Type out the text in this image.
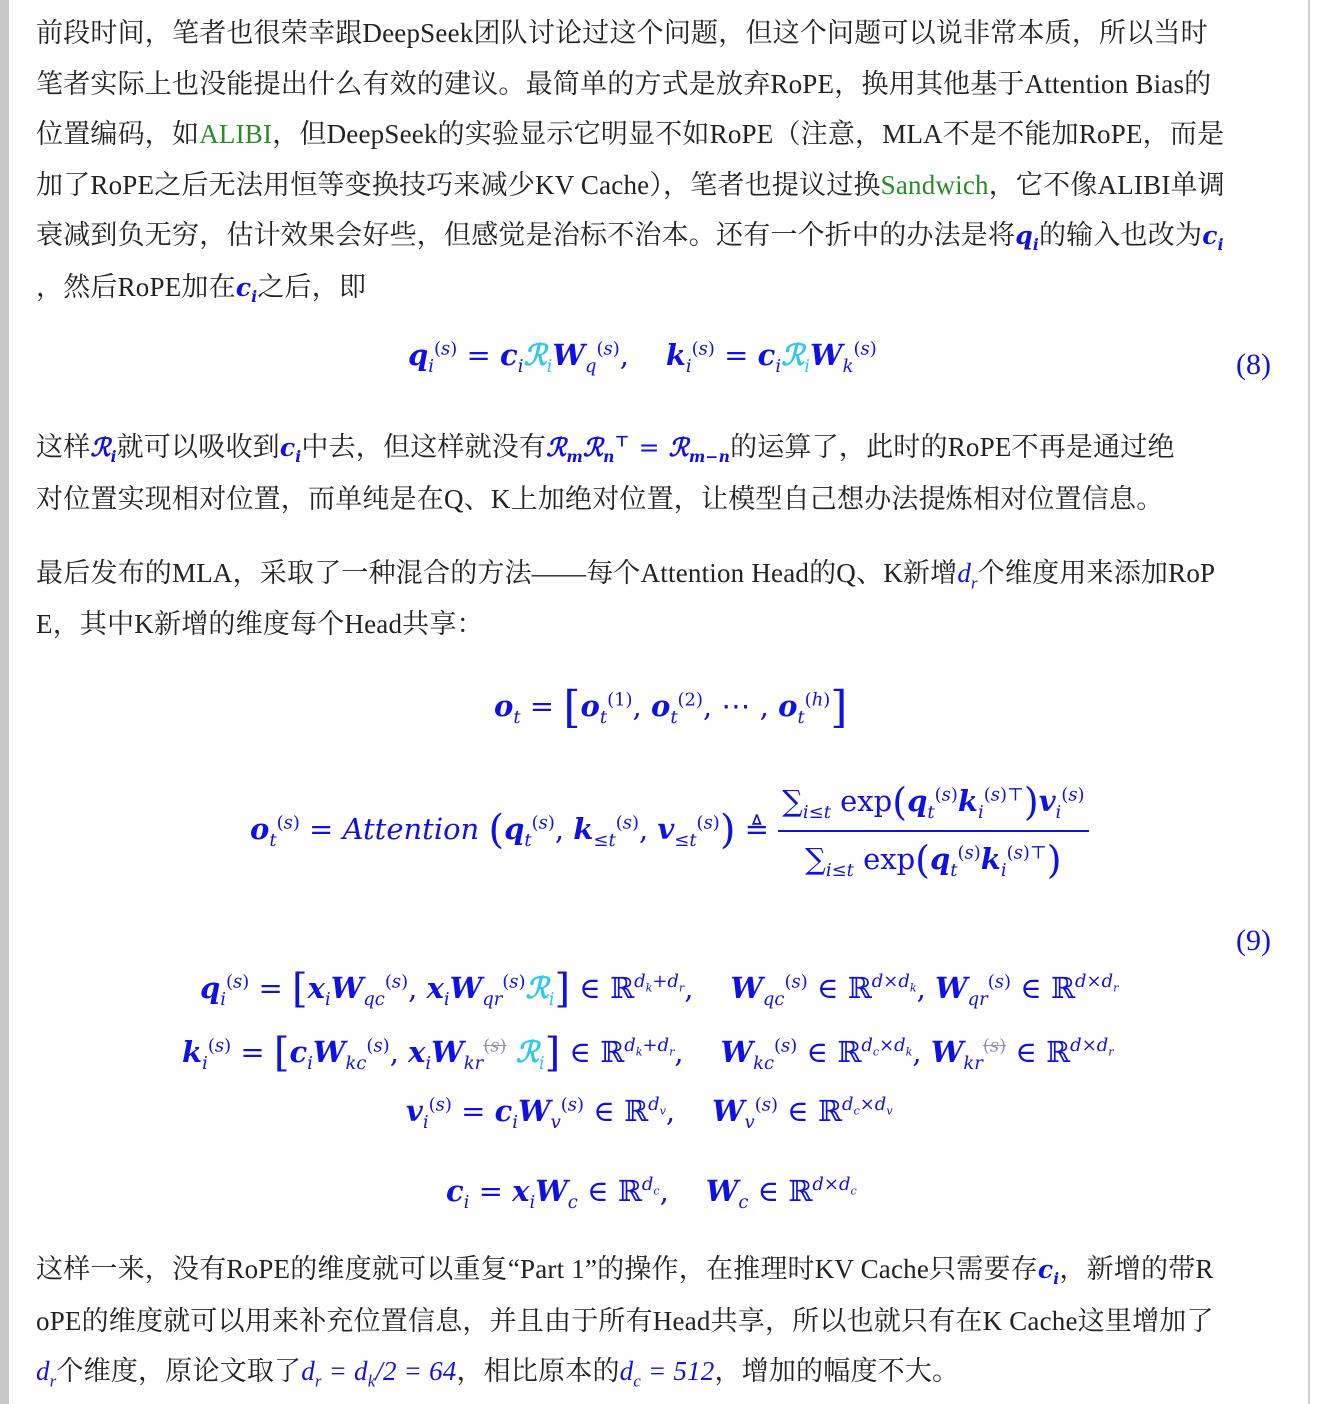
前段时间，笔者也很荣幸跟DeepSeek团队讨论过这个问题，但这个问题可以说非常本质，所以当时
笔者实际上也没能提出什么有效的建议。最简单的方式是放弃RoPE，换用其他基于Attention Bias的
位置编码，如ALIBI，但DeepSeek的实验显示它明显不如RoPE（注意，MLA不是不能加RoPE，而是
加了RoPE之后无法用恒等变换技巧来减少KV Cache），笔者也提议过换Sandwich，它不像ALIBI单调
衰减到负无穷，估计效果会好些，但感觉是治标不治本。还有一个折中的办法是将$q_i$的输入也改为$c_i$
，然后RoPE加在$c_i$之后，即

$q_i^{(s)}$ = $c_iℛ_iW_q^{(s)}$,    $k_i^{(s)}$ = $c_iℛ_iW_k^{(s)}$	(8)

这样ℛ$_i$就可以吸收到$c_i$中去，但这样就没有ℛ$_m$ℛ$_n$⊤ = ℛ$_{m-n}$的运算了，此时的RoPE不再是通过绝
对位置实现相对位置，而单纯是在Q、K上加绝对位置，让模型自己想办法提炼相对位置信息。

最后发布的MLA，采取了一种混合的方法——每个Attention Head的Q、K新增$d_r$个维度用来添加RoP
E，其中K新增的维度每个Head共享：

$o_t = [o_t^{(1)}$, $o_t^{(2)}$, ⋯ , $o_t^{(h)}$]
$o_t^{(s)}$ = Attention ($q_t^{(s)}$, $k_{\le t}^{(s)}$, $v_{\le t}^{(s)}$) ≜ $\frac{\sum_{i\le t} \exp(q_t^{(s)}k_i^{(s)⊤})v_i^{(s)}}{\sum_{i\le t} \exp(q_t^{(s)}k_i^{(s)⊤})}$
(9)
$q_i^{(s)} = [x_iW_{qc}^{(s)}$, $x_iW_{qr}^{(s)}ℛ_i$] ∈ ℝ$^{d_k+d_r}$,    $W_{qc}^{(s)}$ ∈ ℝ$^{d\times d_k}$, $W_{qr}^{(s)}$ ∈ ℝ$^{d\times d_r}$
$k_i^{(s)} = [c_iW_{kc}^{(s)}$, $x_iW_{kr}^{(s)}$ ℛ$_i$] ∈ ℝ$^{d_k+d_r}$,    $W_{kc}^{(s)}$ ∈ ℝ$^{d_c\times d_k}$, $W_{kr}^{(s)}$ ∈ ℝ$^{d\times d_r}$
$v_i^{(s)} = c_iW_v^{(s)}$ ∈ ℝ$^{d_v}$,    $W_v^{(s)}$ ∈ ℝ$^{d_c\times d_v}$
$c_i = x_iW_c$ ∈ ℝ$^{d_c}$,    $W_c$ ∈ ℝ$^{d\times d_c}$

这样一来，没有RoPE的维度就可以重复“Part 1”的操作，在推理时KV Cache只需要存$c_i$，新增的带R
oPE的维度就可以用来补充位置信息，并且由于所有Head共享，所以也就只有在K Cache这里增加了
$d_r$个维度，原论文取了$d_r = d_k/2 = 64$，相比原本的$d_c = 512$，增加的幅度不大。
